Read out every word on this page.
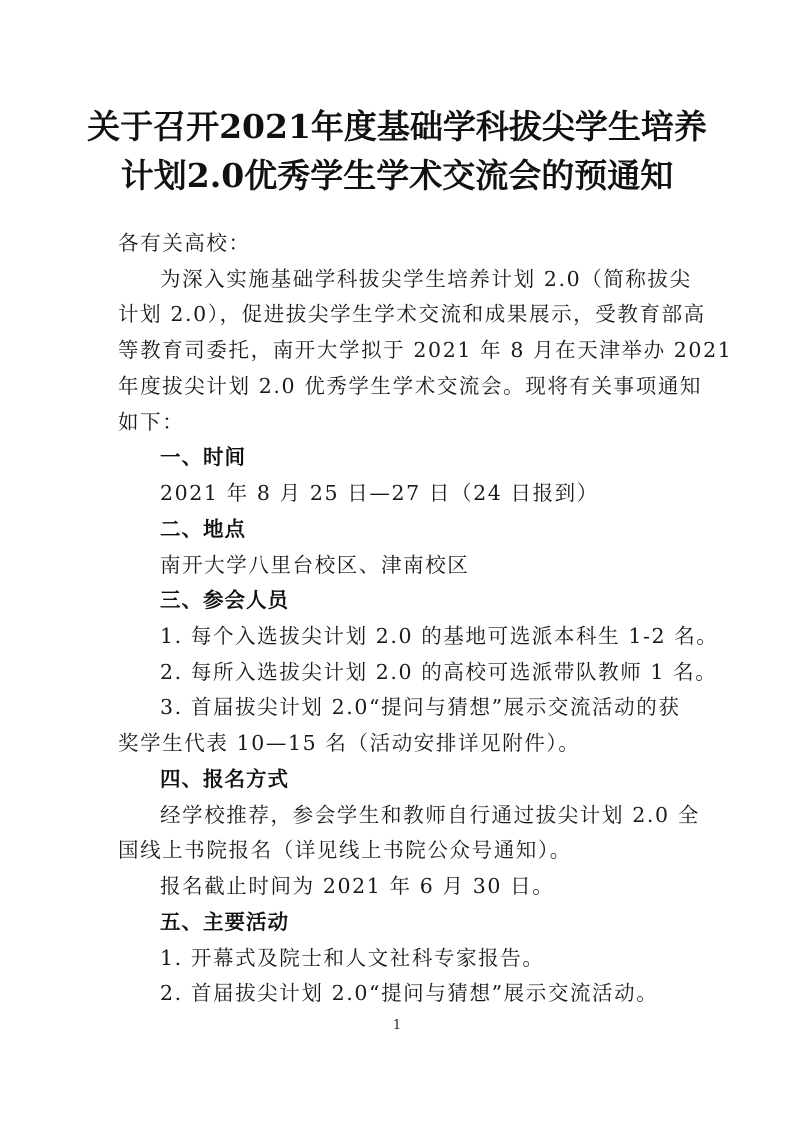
关于召开2021年度基础学科拔尖学生培养
计划2.0优秀学生学术交流会的预通知
各有关高校：
为深入实施基础学科拔尖学生培养计划 2.0（简称拔尖
计划 2.0），促进拔尖学生学术交流和成果展示，受教育部高
等教育司委托，南开大学拟于 2021 年 8 月在天津举办 2021
年度拔尖计划 2.0 优秀学生学术交流会。现将有关事项通知
如下：
一、时间
2021 年 8 月 25 日—27 日（24 日报到）
二、地点
南开大学八里台校区、津南校区
三、参会人员
1. 每个入选拔尖计划 2.0 的基地可选派本科生 1-2 名。
2. 每所入选拔尖计划 2.0 的高校可选派带队教师 1 名。
3. 首届拔尖计划 2.0“提问与猜想”展示交流活动的获
奖学生代表 10—15 名（活动安排详见附件）。
四、报名方式
经学校推荐，参会学生和教师自行通过拔尖计划 2.0 全
国线上书院报名（详见线上书院公众号通知）。
报名截止时间为 2021 年 6 月 30 日。
五、主要活动
1. 开幕式及院士和人文社科专家报告。
2. 首届拔尖计划 2.0“提问与猜想”展示交流活动。
1
